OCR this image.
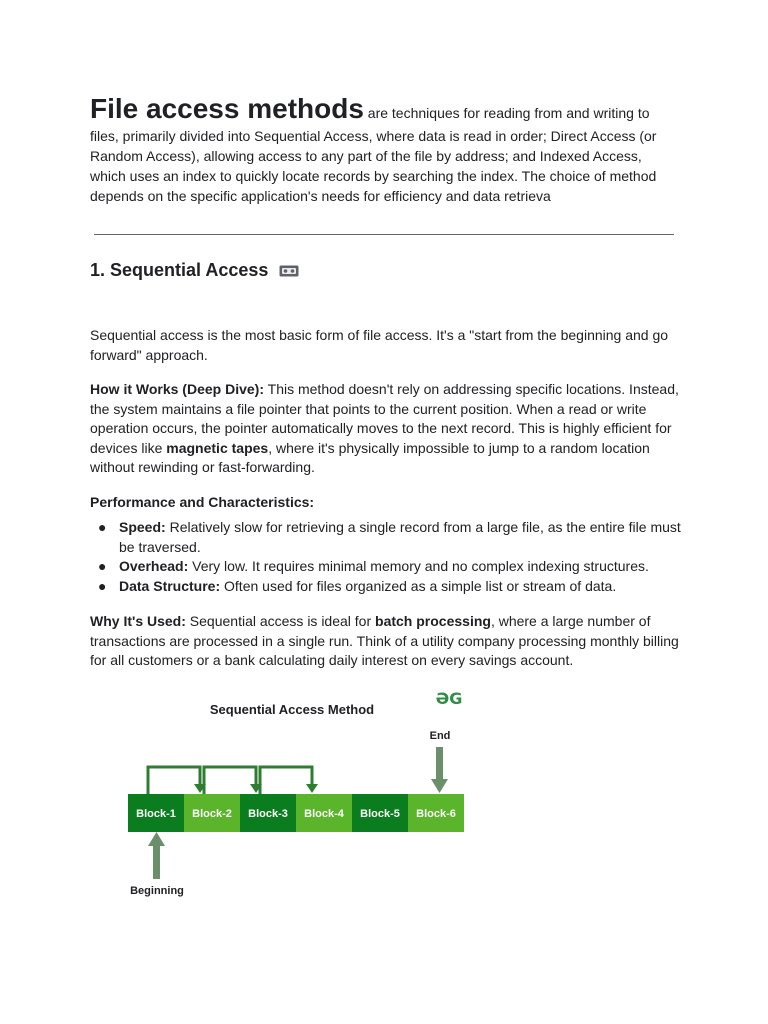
File access methods are techniques for reading from and writing to files, primarily divided into Sequential Access, where data is read in order; Direct Access (or Random Access), allowing access to any part of the file by address; and Indexed Access, which uses an index to quickly locate records by searching the index. The choice of method depends on the specific application's needs for efficiency and data retrieva
1. Sequential Access

Sequential access is the most basic form of file access. It's a "start from the beginning and go forward" approach.

How it Works (Deep Dive): This method doesn't rely on addressing specific locations. Instead, the system maintains a file pointer that points to the current position. When a read or write operation occurs, the pointer automatically moves to the next record. This is highly efficient for devices like magnetic tapes, where it's physically impossible to jump to a random location without rewinding or fast-forwarding.

Performance and Characteristics:

● Speed: Relatively slow for retrieving a single record from a large file, as the entire file must be traversed.
● Overhead: Very low. It requires minimal memory and no complex indexing structures.
● Data Structure: Often used for files organized as a simple list or stream of data.

Why It's Used: Sequential access is ideal for batch processing, where a large number of transactions are processed in a single run. Think of a utility company processing monthly billing for all customers or a bank calculating daily interest on every savings account.

Sequential Access Method
ƏG
End
Block-1 Block-2 Block-3 Block-4 Block-5 Block-6
Beginning
